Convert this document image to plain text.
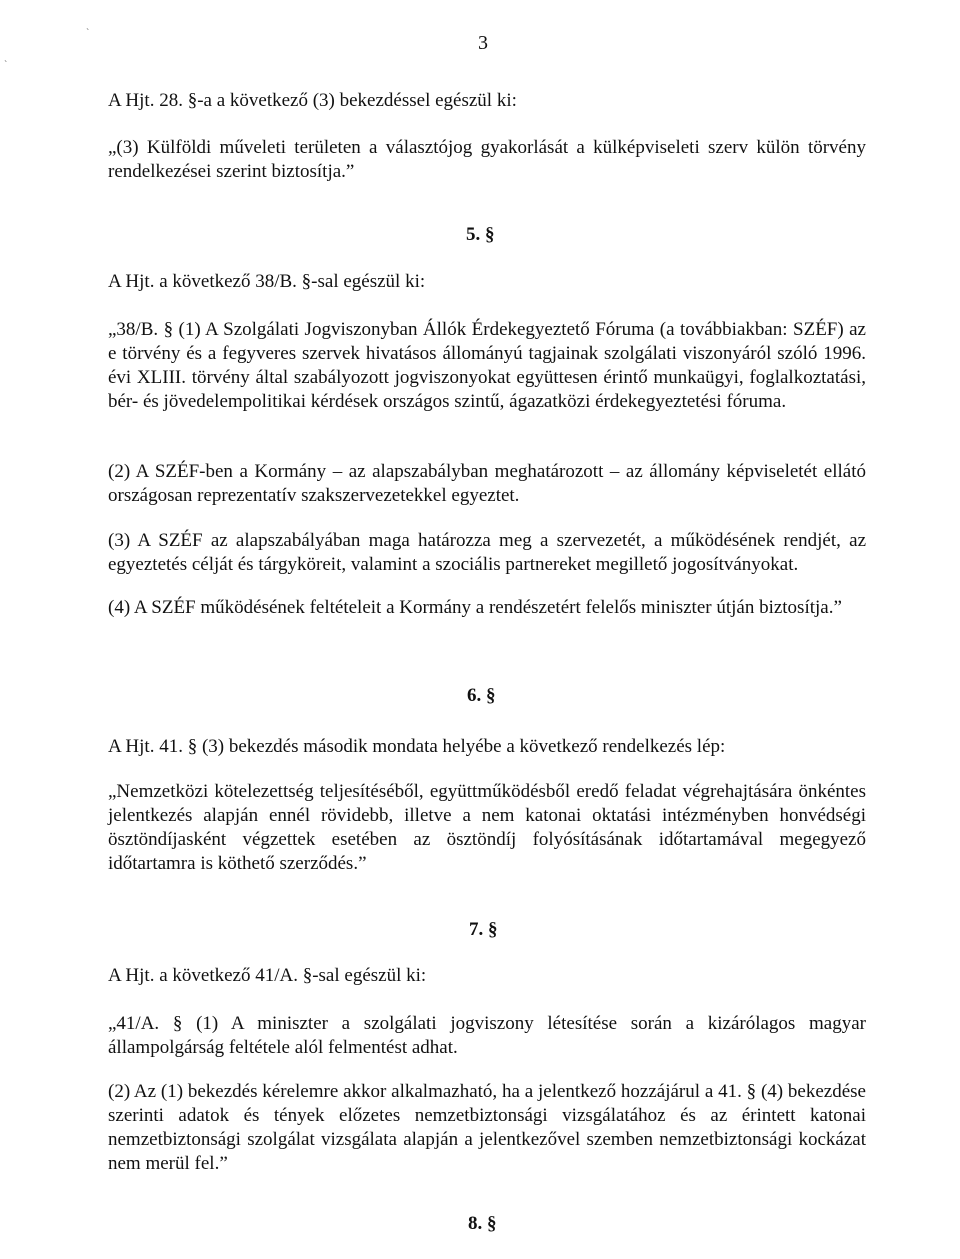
`
`
3
A Hjt. 28. §-a a következő (3) bekezdéssel egészül ki:
„(3) Külföldi műveleti területen a választójog gyakorlását a külképviseleti szerv külön törvény rendelkezései szerint biztosítja.”
5. §
A Hjt. a következő 38/B. §-sal egészül ki:
„38/B. § (1) A Szolgálati Jogviszonyban Állók Érdekegyeztető Fóruma (a továbbiakban: SZÉF) az e törvény és a fegyveres szervek hivatásos állományú tagjainak szolgálati viszonyáról szóló 1996. évi XLIII. törvény által szabályozott jogviszonyokat együttesen érintő munkaügyi, foglalkoztatási, bér- és jövedelempolitikai kérdések országos szintű, ágazatközi érdekegyeztetési fóruma.
(2) A SZÉF-ben a Kormány – az alapszabályban meghatározott – az állomány képviseletét ellátó országosan reprezentatív szakszervezetekkel egyeztet.
(3) A SZÉF az alapszabályában maga határozza meg a szervezetét, a működésének rendjét, az egyeztetés célját és tárgyköreit, valamint a szociális partnereket megillető jogosítványokat.
(4) A SZÉF működésének feltételeit a Kormány a rendészetért felelős miniszter útján biztosítja.”
6. §
A Hjt. 41. § (3) bekezdés második mondata helyébe a következő rendelkezés lép:
„Nemzetközi kötelezettség teljesítéséből, együttműködésből eredő feladat végrehajtására önkéntes jelentkezés alapján ennél rövidebb, illetve a nem katonai oktatási intézményben honvédségi ösztöndíjasként végzettek esetében az ösztöndíj folyósításának időtartamával megegyező időtartamra is köthető szerződés.”
7. §
A Hjt. a következő 41/A. §-sal egészül ki:
„41/A. § (1) A miniszter a szolgálati jogviszony létesítése során a kizárólagos magyar állampolgárság feltétele alól felmentést adhat.
(2) Az (1) bekezdés kérelemre akkor alkalmazható, ha a jelentkező hozzájárul a 41. § (4) bekezdése szerinti adatok és tények előzetes nemzetbiztonsági vizsgálatához és az érintett katonai nemzetbiztonsági szolgálat vizsgálata alapján a jelentkezővel szemben nemzetbiztonsági kockázat nem merül fel.”
8. §
